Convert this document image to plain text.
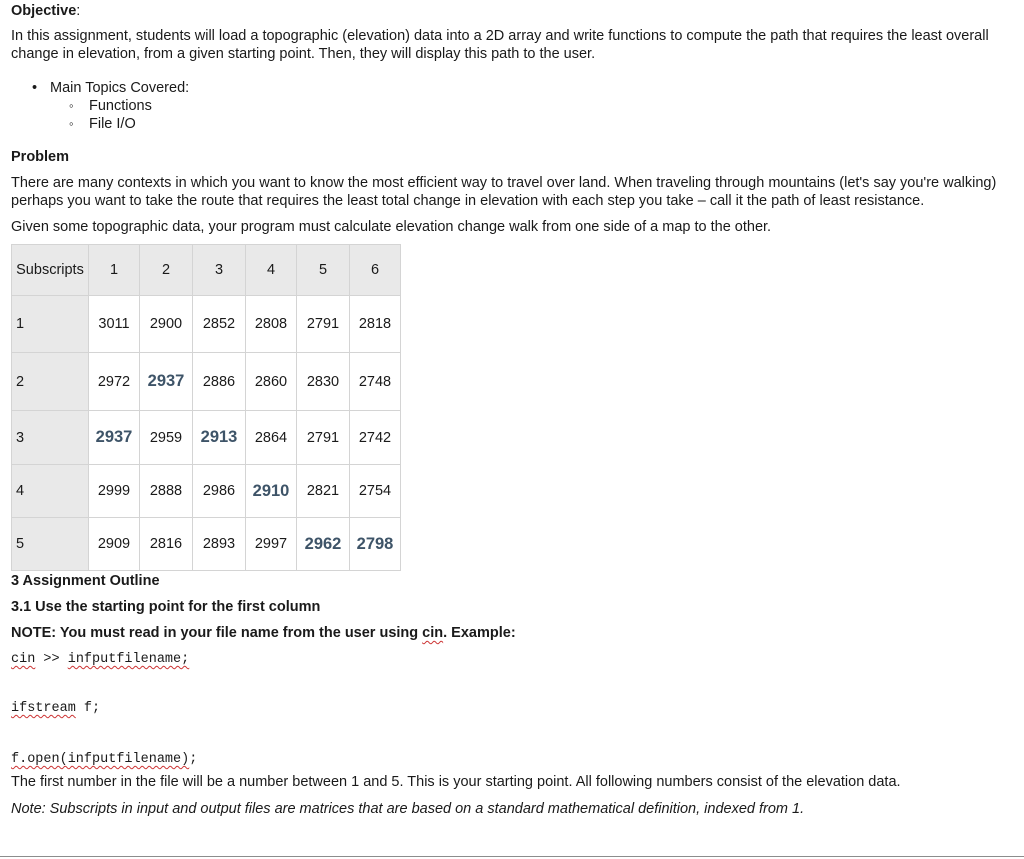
Objective:
In this assignment, students will load a topographic (elevation) data into a 2D array and write functions to compute the path that requires the least overall change in elevation, from a given starting point. Then, they will display this path to the user.
• Main Topics Covered:
◦ Functions
◦ File I/O
Problem
There are many contexts in which you want to know the most efficient way to travel over land. When traveling through mountains (let's say you're walking) perhaps you want to take the route that requires the least total change in elevation with each step you take – call it the path of least resistance.
Given some topographic data, your program must calculate elevation change walk from one side of a map to the other.
Subscripts	1	2	3	4	5	6
1	3011	2900	2852	2808	2791	2818
2	2972	2937	2886	2860	2830	2748
3	2937	2959	2913	2864	2791	2742
4	2999	2888	2986	2910	2821	2754
5	2909	2816	2893	2997	2962	2798
3 Assignment Outline
3.1 Use the starting point for the first column
NOTE: You must read in your file name from the user using cin. Example:
cin >> infputfilename;
ifstream f;
f.open(infputfilename);
The first number in the file will be a number between 1 and 5. This is your starting point. All following numbers consist of the elevation data.
Note: Subscripts in input and output files are matrices that are based on a standard mathematical definition, indexed from 1.
